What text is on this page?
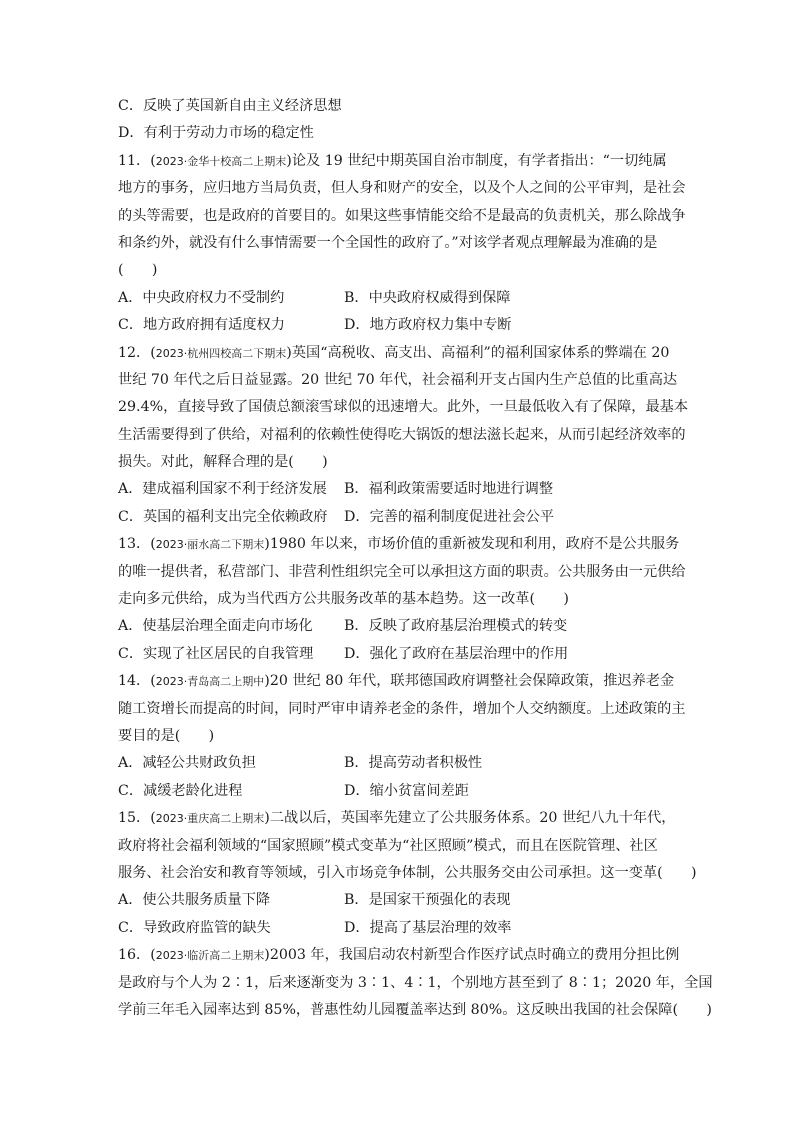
C．反映了英国新自由主义经济思想
D．有利于劳动力市场的稳定性
11．(2023·金华十校高二上期末)论及 19 世纪中期英国自治市制度，有学者指出：“一切纯属
地方的事务，应归地方当局负责，但人身和财产的安全，以及个人之间的公平审判，是社会
的头等需要，也是政府的首要目的。如果这些事情能交给不是最高的负责机关，那么除战争
和条约外，就没有什么事情需要一个全国性的政府了。”对该学者观点理解最为准确的是
(　　)
A．中央政府权力不受制约	B．中央政府权威得到保障
C．地方政府拥有适度权力	D．地方政府权力集中专断
12．(2023·杭州四校高二下期末)英国“高税收、高支出、高福利”的福利国家体系的弊端在 20
世纪 70 年代之后日益显露。20 世纪 70 年代，社会福利开支占国内生产总值的比重高达
29.4%，直接导致了国债总额滚雪球似的迅速增大。此外，一旦最低收入有了保障，最基本
生活需要得到了供给，对福利的依赖性使得吃大锅饭的想法滋长起来，从而引起经济效率的
损失。对此，解释合理的是(　　)
A．建成福利国家不利于经济发展	B．福利政策需要适时地进行调整
C．英国的福利支出完全依赖政府	D．完善的福利制度促进社会公平
13．(2023·丽水高二下期末)1980 年以来，市场价值的重新被发现和利用，政府不是公共服务
的唯一提供者，私营部门、非营利性组织完全可以承担这方面的职责。公共服务由一元供给
走向多元供给，成为当代西方公共服务改革的基本趋势。这一改革(　　)
A．使基层治理全面走向市场化	B．反映了政府基层治理模式的转变
C．实现了社区居民的自我管理	D．强化了政府在基层治理中的作用
14．(2023·青岛高二上期中)20 世纪 80 年代，联邦德国政府调整社会保障政策，推迟养老金
随工资增长而提高的时间，同时严审申请养老金的条件，增加个人交纳额度。上述政策的主
要目的是(　　)
A．减轻公共财政负担	B．提高劳动者积极性
C．减缓老龄化进程	D．缩小贫富间差距
15．(2023·重庆高二上期末)二战以后，英国率先建立了公共服务体系。20 世纪八九十年代，
政府将社会福利领域的“国家照顾”模式变革为“社区照顾”模式，而且在医院管理、社区
服务、社会治安和教育等领域，引入市场竞争体制，公共服务交由公司承担。这一变革(　　)
A．使公共服务质量下降	B．是国家干预强化的表现
C．导致政府监管的缺失	D．提高了基层治理的效率
16．(2023·临沂高二上期末)2003 年，我国启动农村新型合作医疗试点时确立的费用分担比例
是政府与个人为 2∶1，后来逐渐变为 3∶1、4∶1，个别地方甚至到了 8∶1；2020 年，全国
学前三年毛入园率达到 85%，普惠性幼儿园覆盖率达到 80%。这反映出我国的社会保障(　　)
